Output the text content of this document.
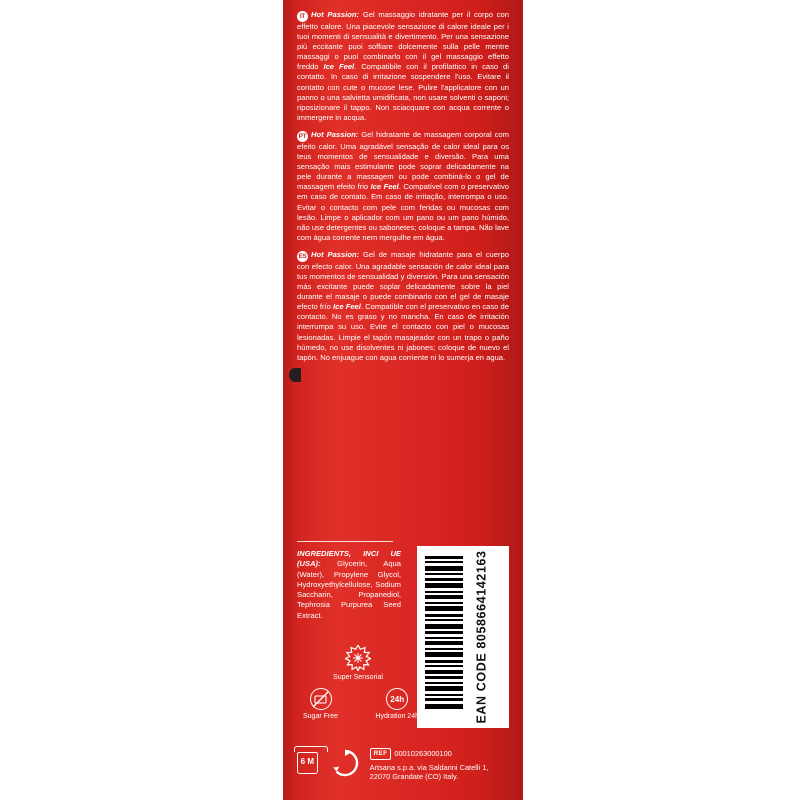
IT Hot Passion: Gel massaggio idratante per il corpo con effetto calore. Una piacevole sensazione di calore ideale per i tuoi momenti di sensualità e divertimento. Per una sensazione più eccitante puoi soffiare dolcemente sulla pelle mentre massaggi o puoi combinarlo con il gel massaggio effetto freddo Ice Feel. Compatibile con il profilattico in caso di contatto. In caso di irritazione sospendere l'uso. Evitare il contatto con cute o mucose lese. Pulire l'applicatore con un panno o una salvietta umidificata, non usare solventi o saponi; riposizionare il tappo. Non sciacquare con acqua corrente o immergere in acqua.

PT Hot Passion: Gel hidratante de massagem corporal com efeito calor. Uma agradável sensação de calor ideal para os teus momentos de sensualidade e diversão. Para uma sensação mais estimulante pode soprar delicadamente na pele durante a massagem ou pode combiná-lo o gel de massagem efeito frio Ice Feel. Compatível com o preservativo em caso de contato. Em caso de irritação, interrompa o uso. Evitar o contacto com pele com feridas ou mucosas com lesão. Limpe o aplicador com um pano ou um pano húmido, não use detergentes ou sabonetes; coloque a tampa. Não lave com água corrente nem mergulhe em água.

ES Hot Passion: Gel de masaje hidratante para el cuerpo con efecto calor. Una agradable sensación de calor ideal para tus momentos de sensualidad y diversión. Para una sensación más excitante puede soplar delicadamente sobre la piel durante el masaje o puede combinarlo con el gel de masaje efecto frío Ice Feel. Compatible con el preservativo en caso de contacto. No es graso y no mancha. En caso de irritación interrumpa su uso. Evite el contacto con piel o mucosas lesionadas. Limpie el tapón masajeador con un trapo o paño húmedo, no use disolventes ni jabones; coloque de nuevo el tapón. No enjuague con agua corriente ni lo sumerja en agua.

INGREDIENTS, INCI UE (USA): Glycerin, Aqua (Water), Propylene Glycol, Hydroxyethylcellulose, Sodium Saccharin, Propanediol, Tephrosia Purpurea Seed Extract.	EAN CODE 8058664142163
Super Sensorial
Sugar Free
24h
Hydration 24h
6 M
REF 00010263000100
Artsana s.p.a. via Saldarini Catelli 1, 22070 Grandate (CO) Italy.
